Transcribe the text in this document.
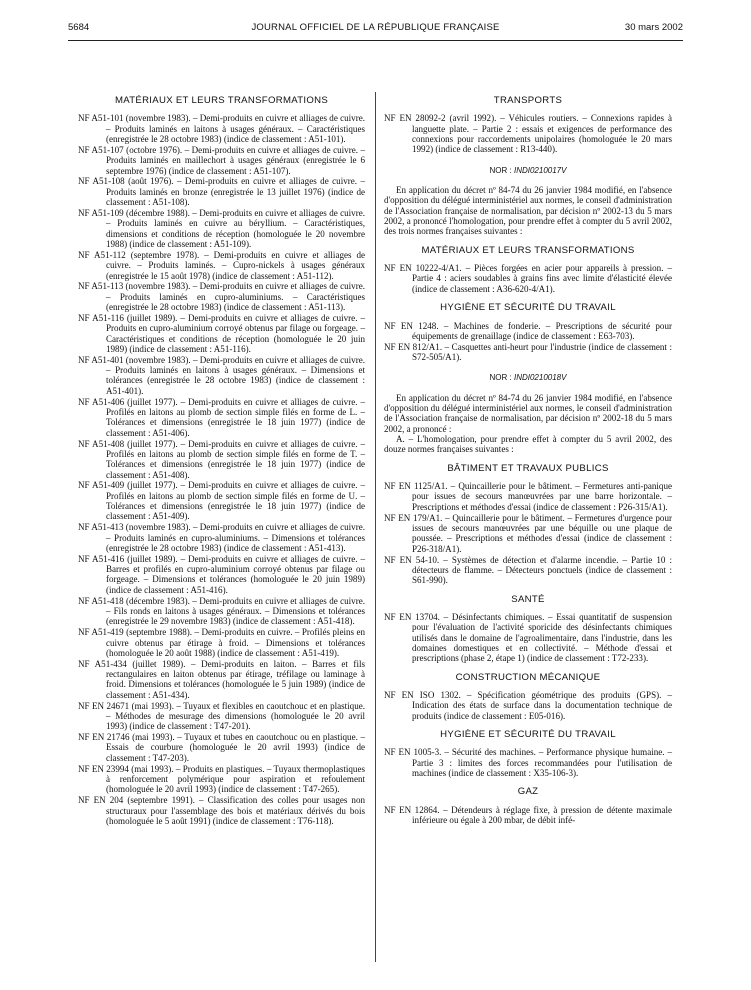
5684	JOURNAL OFFICIEL DE LA RÉPUBLIQUE FRANÇAISE	30 mars 2002
MATÉRIAUX ET LEURS TRANSFORMATIONS

NF A51-101 (novembre 1983). – Demi-produits en cuivre et alliages de cuivre. – Produits laminés en laitons à usages généraux. – Caractéristiques (enregistrée le 28 octobre 1983) (indice de classement : A51-101).

NF A51-107 (octobre 1976). – Demi-produits en cuivre et alliages de cuivre. – Produits laminés en maillechort à usages généraux (enregistrée le 6 septembre 1976) (indice de classement : A51-107).

NF A51-108 (août 1976). – Demi-produits en cuivre et alliages de cuivre. – Produits laminés en bronze (enregistrée le 13 juillet 1976) (indice de classement : A51-108).

NF A51-109 (décembre 1988). – Demi-produits en cuivre et alliages de cuivre. – Produits laminés en cuivre au béryllium. – Caractéristiques, dimensions et conditions de réception (homologuée le 20 novembre 1988) (indice de classement : A51-109).

NF A51-112 (septembre 1978). – Demi-produits en cuivre et alliages de cuivre. – Produits laminés. – Cupro-nickels à usages généraux (enregistrée le 15 août 1978) (indice de classement : A51-112).

NF A51-113 (novembre 1983). – Demi-produits en cuivre et alliages de cuivre. – Produits laminés en cupro-aluminiums. – Caractéristiques (enregistrée le 28 octobre 1983) (indice de classement : A51-113).

NF A51-116 (juillet 1989). – Demi-produits en cuivre et alliages de cuivre. – Produits en cupro-aluminium corroyé obtenus par filage ou forgeage. – Caractéristiques et conditions de réception (homologuée le 20 juin 1989) (indice de classement : A51-116).

NF A51-401 (novembre 1983). – Demi-produits en cuivre et alliages de cuivre. – Produits laminés en laitons à usages généraux. – Dimensions et tolérances (enregistrée le 28 octobre 1983) (indice de classement : A51-401).

NF A51-406 (juillet 1977). – Demi-produits en cuivre et alliages de cuivre. – Profilés en laitons au plomb de section simple filés en forme de L. – Tolérances et dimensions (enregistrée le 18 juin 1977) (indice de classement : A51-406).

NF A51-408 (juillet 1977). – Demi-produits en cuivre et alliages de cuivre. – Profilés en laitons au plomb de section simple filés en forme de T. – Tolérances et dimensions (enregistrée le 18 juin 1977) (indice de classement : A51-408).

NF A51-409 (juillet 1977). – Demi-produits en cuivre et alliages de cuivre. – Profilés en laitons au plomb de section simple filés en forme de U. – Tolérances et dimensions (enregistrée le 18 juin 1977) (indice de classement : A51-409).

NF A51-413 (novembre 1983). – Demi-produits en cuivre et alliages de cuivre. – Produits laminés en cupro-aluminiums. – Dimensions et tolérances (enregistrée le 28 octobre 1983) (indice de classement : A51-413).

NF A51-416 (juillet 1989). – Demi-produits en cuivre et alliages de cuivre. – Barres et profilés en cupro-aluminium corroyé obtenus par filage ou forgeage. – Dimensions et tolérances (homologuée le 20 juin 1989) (indice de classement : A51-416).

NF A51-418 (décembre 1983). – Demi-produits en cuivre et alliages de cuivre. – Fils ronds en laitons à usages généraux. – Dimensions et tolérances (enregistrée le 29 novembre 1983) (indice de classement : A51-418).

NF A51-419 (septembre 1988). – Demi-produits en cuivre. – Profilés pleins en cuivre obtenus par étirage à froid. – Dimensions et tolérances (homologuée le 20 août 1988) (indice de classement : A51-419).

NF A51-434 (juillet 1989). – Demi-produits en laiton. – Barres et fils rectangulaires en laiton obtenus par étirage, tréfilage ou laminage à froid. Dimensions et tolérances (homologuée le 5 juin 1989) (indice de classement : A51-434).

NF EN 24671 (mai 1993). – Tuyaux et flexibles en caoutchouc et en plastique. – Méthodes de mesurage des dimensions (homologuée le 20 avril 1993) (indice de classement : T47-201).

NF EN 21746 (mai 1993). – Tuyaux et tubes en caoutchouc ou en plastique. – Essais de courbure (homologuée le 20 avril 1993) (indice de classement : T47-203).

NF EN 23994 (mai 1993). – Produits en plastiques. – Tuyaux thermoplastiques à renforcement polymérique pour aspiration et refoulement (homologuée le 20 avril 1993) (indice de classement : T47-265).

NF EN 204 (septembre 1991). – Classification des colles pour usages non structuraux pour l'assemblage des bois et matériaux dérivés du bois (homologuée le 5 août 1991) (indice de classement : T76-118).

TRANSPORTS

NF EN 28092-2 (avril 1992). – Véhicules routiers. – Connexions rapides à languette plate. – Partie 2 : essais et exigences de performance des connexions pour raccordements unipolaires (homologuée le 20 mars 1992) (indice de classement : R13-440).

NOR : INDI0210017V

En application du décret nº 84-74 du 26 janvier 1984 modifié, en l'absence d'opposition du délégué interministériel aux normes, le conseil d'administration de l'Association française de normalisation, par décision nº 2002-13 du 5 mars 2002, a prononcé l'homologation, pour prendre effet à compter du 5 avril 2002, des trois normes françaises suivantes :

MATÉRIAUX ET LEURS TRANSFORMATIONS

NF EN 10222-4/A1. – Pièces forgées en acier pour appareils à pression. – Partie 4 : aciers soudables à grains fins avec limite d'élasticité élevée (indice de classement : A36-620-4/A1).

HYGIÈNE ET SÉCURITÉ DU TRAVAIL

NF EN 1248. – Machines de fonderie. – Prescriptions de sécurité pour équipements de grenaillage (indice de classement : E63-703).

NF EN 812/A1. – Casquettes anti-heurt pour l'industrie (indice de classement : S72-505/A1).

NOR : INDI0210018V

En application du décret nº 84-74 du 26 janvier 1984 modifié, en l'absence d'opposition du délégué interministériel aux normes, le conseil d'administration de l'Association française de normalisation, par décision nº 2002-18 du 5 mars 2002, a prononcé :

A. – L'homologation, pour prendre effet à compter du 5 avril 2002, des douze normes françaises suivantes :

BÂTIMENT ET TRAVAUX PUBLICS

NF EN 1125/A1. – Quincaillerie pour le bâtiment. – Fermetures anti-panique pour issues de secours manœuvrées par une barre horizontale. – Prescriptions et méthodes d'essai (indice de classement : P26-315/A1).

NF EN 179/A1. – Quincaillerie pour le bâtiment. – Fermetures d'urgence pour issues de secours manœuvrées par une béquille ou une plaque de poussée. – Prescriptions et méthodes d'essai (indice de classement : P26-318/A1).

NF EN 54-10. – Systèmes de détection et d'alarme incendie. – Partie 10 : détecteurs de flamme. – Détecteurs ponctuels (indice de classement : S61-990).

SANTÉ

NF EN 13704. – Désinfectants chimiques. – Essai quantitatif de suspension pour l'évaluation de l'activité sporicide des désinfectants chimiques utilisés dans le domaine de l'agroalimentaire, dans l'industrie, dans les domaines domestiques et en collectivité. – Méthode d'essai et prescriptions (phase 2, étape 1) (indice de classement : T72-233).

CONSTRUCTION MÉCANIQUE

NF EN ISO 1302. – Spécification géométrique des produits (GPS). – Indication des états de surface dans la documentation technique de produits (indice de classement : E05-016).

HYGIÈNE ET SÉCURITÉ DU TRAVAIL

NF EN 1005-3. – Sécurité des machines. – Performance physique humaine. – Partie 3 : limites des forces recommandées pour l'utilisation de machines (indice de classement : X35-106-3).

GAZ

NF EN 12864. – Détendeurs à réglage fixe, à pression de détente maximale inférieure ou égale à 200 mbar, de débit infé-
